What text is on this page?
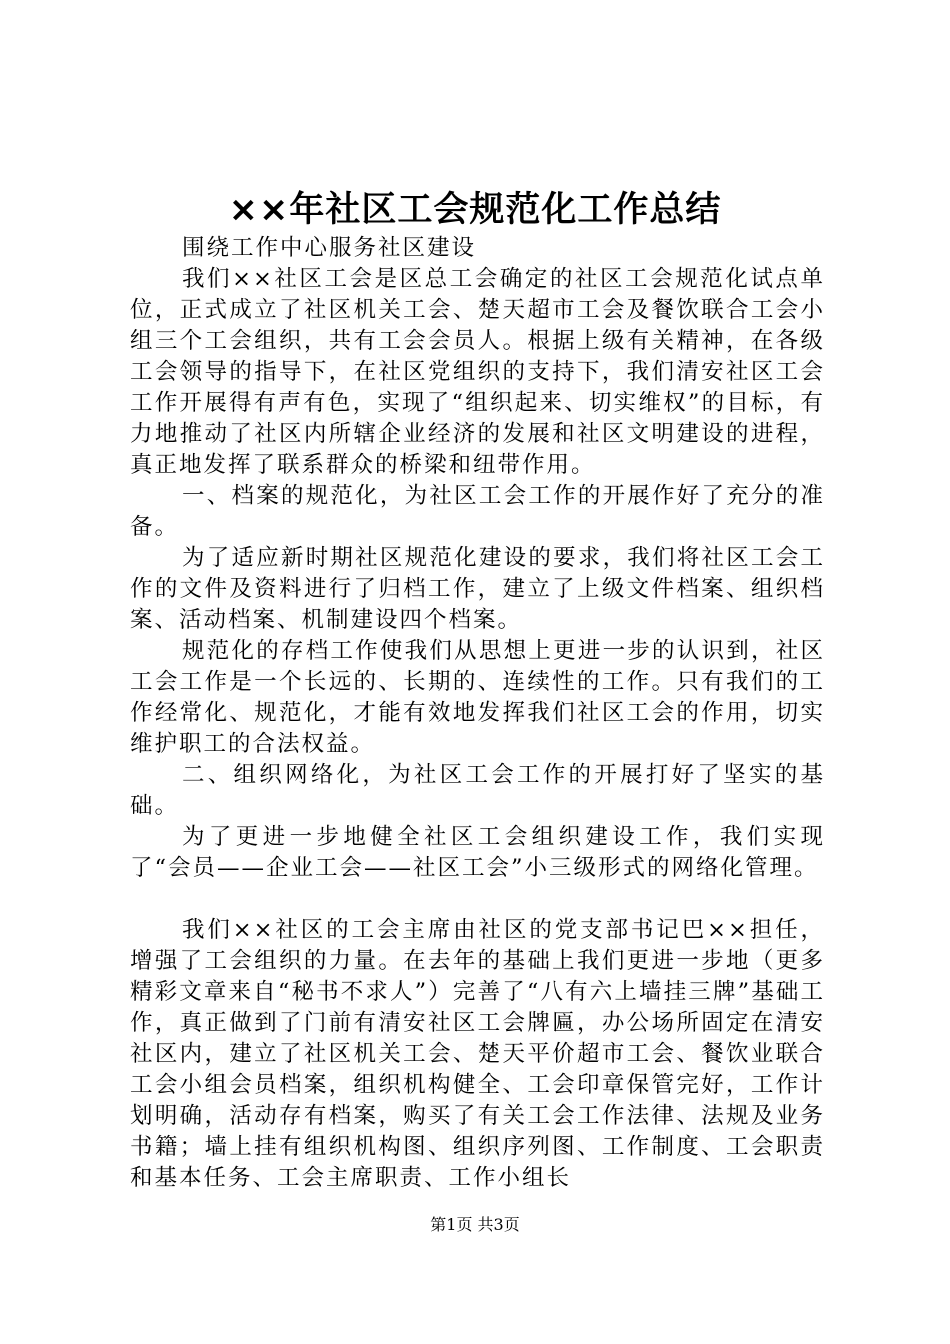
××年社区工会规范化工作总结

围绕工作中心服务社区建设

我们××社区工会是区总工会确定的社区工会规范化试点单位，正式成立了社区机关工会、楚天超市工会及餐饮联合工会小组三个工会组织，共有工会会员人。根据上级有关精神，在各级工会领导的指导下，在社区党组织的支持下，我们清安社区工会工作开展得有声有色，实现了“组织起来、切实维权”的目标，有力地推动了社区内所辖企业经济的发展和社区文明建设的进程，真正地发挥了联系群众的桥梁和纽带作用。

一、档案的规范化，为社区工会工作的开展作好了充分的准备。

为了适应新时期社区规范化建设的要求，我们将社区工会工作的文件及资料进行了归档工作，建立了上级文件档案、组织档案、活动档案、机制建设四个档案。

规范化的存档工作使我们从思想上更进一步的认识到，社区工会工作是一个长远的、长期的、连续性的工作。只有我们的工作经常化、规范化，才能有效地发挥我们社区工会的作用，切实维护职工的合法权益。

二、组织网络化，为社区工会工作的开展打好了坚实的基础。

为了更进一步地健全社区工会组织建设工作，我们实现了“会员——企业工会——社区工会”小三级形式的网络化管理。

我们××社区的工会主席由社区的党支部书记巴××担任，增强了工会组织的力量。在去年的基础上我们更进一步地（更多精彩文章来自“秘书不求人”）完善了“八有六上墙挂三牌”基础工作，真正做到了门前有清安社区工会牌匾，办公场所固定在清安社区内，建立了社区机关工会、楚天平价超市工会、餐饮业联合工会小组会员档案，组织机构健全、工会印章保管完好，工作计划明确，活动存有档案，购买了有关工会工作法律、法规及业务书籍；墙上挂有组织机构图、组织序列图、工作制度、工会职责和基本任务、工会主席职责、工作小组长

第1页 共3页
